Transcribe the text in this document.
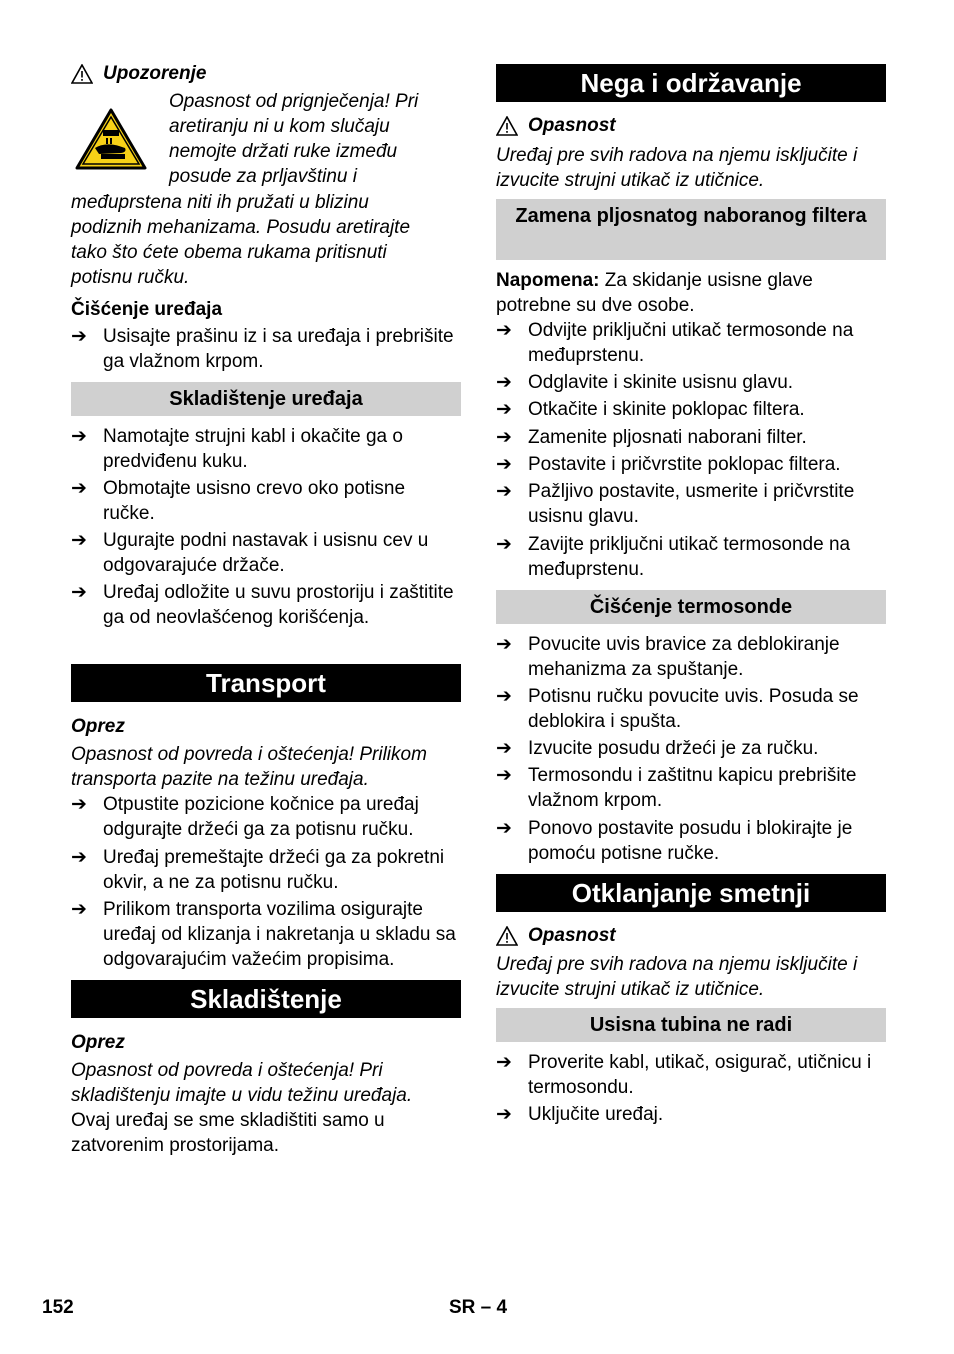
Upozorenje
Opasnost od prignječenja! Pri
aretiranju ni u kom slučaju
nemojte držati ruke između
posude za prljavštinu i
međuprstena niti ih pružati u blizinu
podiznih mehanizama. Posudu aretirajte
tako što ćete obema rukama pritisnuti
potisnu ručku.
Čišćenje uređaja
➔ Usisajte prašinu iz i sa uređaja i prebrišite ga vlažnom krpom.
Skladištenje uređaja
➔ Namotajte strujni kabl i okačite ga o predviđenu kuku.
➔ Obmotajte usisno crevo oko potisne ručke.
➔ Ugurajte podni nastavak i usisnu cev u odgovarajuće držače.
➔ Uređaj odložite u suvu prostoriju i zaštitite ga od neovlašćenog korišćenja.
Transport
Oprez
Opasnost od povreda i oštećenja! Prilikom transporta pazite na težinu uređaja.
➔ Otpustite pozicione kočnice pa uređaj odgurajte držeći ga za potisnu ručku.
➔ Uređaj premeštajte držeći ga za pokretni okvir, a ne za potisnu ručku.
➔ Prilikom transporta vozilima osigurajte uređaj od klizanja i nakretanja u skladu sa odgovarajućim važećim propisima.
Skladištenje
Oprez
Opasnost od povreda i oštećenja! Pri skladištenju imajte u vidu težinu uređaja.
Ovaj uređaj se sme skladištiti samo u zatvorenim prostorijama.
Nega i održavanje
Opasnost
Uređaj pre svih radova na njemu isključite i izvucite strujni utikač iz utičnice.
Zamena pljosnatog naboranog filtera
Napomena: Za skidanje usisne glave potrebne su dve osobe.
➔ Odvijte priključni utikač termosonde na međuprstenu.
➔ Odglavite i skinite usisnu glavu.
➔ Otkačite i skinite poklopac filtera.
➔ Zamenite pljosnati naborani filter.
➔ Postavite i pričvrstite poklopac filtera.
➔ Pažljivo postavite, usmerite i pričvrstite usisnu glavu.
➔ Zavijte priključni utikač termosonde na međuprstenu.
Čišćenje termosonde
➔ Povucite uvis bravice za deblokiranje mehanizma za spuštanje.
➔ Potisnu ručku povucite uvis. Posuda se deblokira i spušta.
➔ Izvucite posudu držeći je za ručku.
➔ Termosondu i zaštitnu kapicu prebrišite vlažnom krpom.
➔ Ponovo postavite posudu i blokirajte je pomoću potisne ručke.
Otklanjanje smetnji
Opasnost
Uređaj pre svih radova na njemu isključite i izvucite strujni utikač iz utičnice.
Usisna tubina ne radi
➔ Proverite kabl, utikač, osigurač, utičnicu i termosondu.
➔ Uključite uređaj.
152	SR – 4
